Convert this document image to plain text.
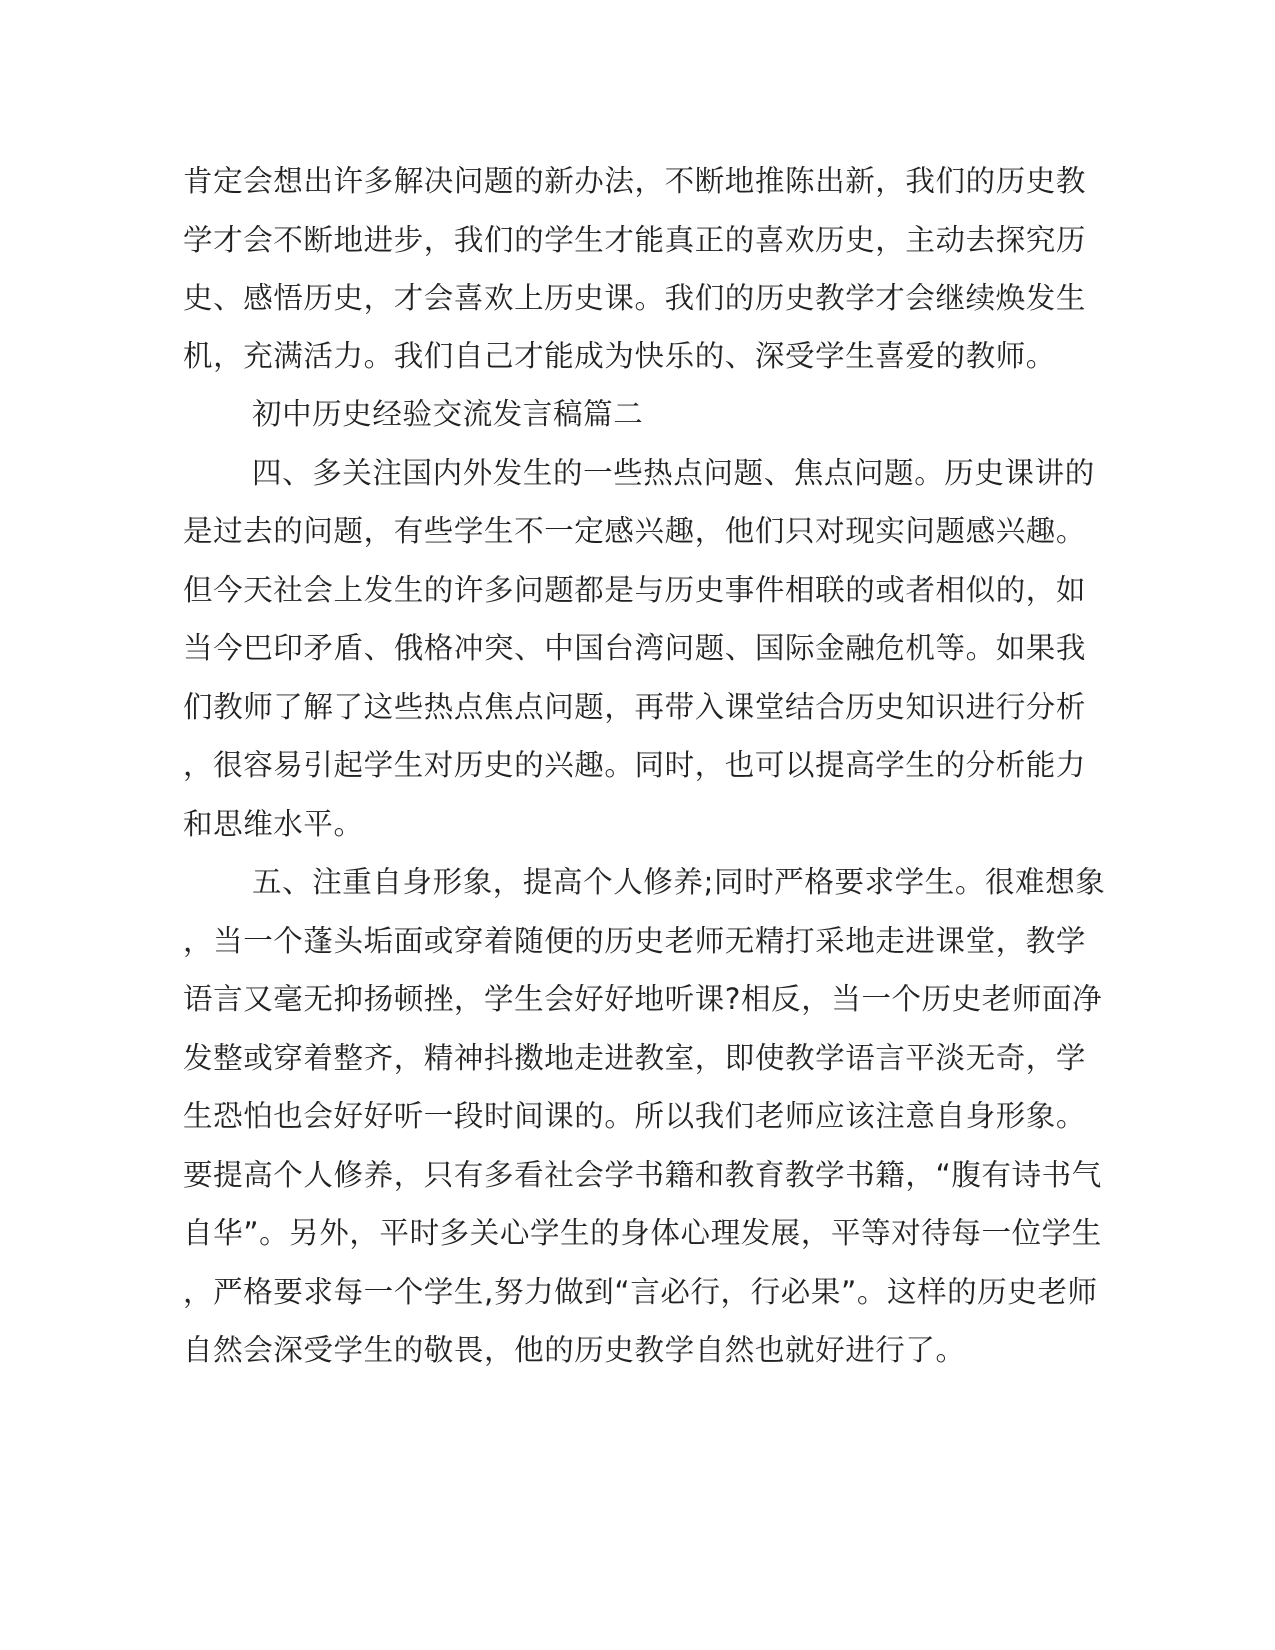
肯定会想出许多解决问题的新办法，不断地推陈出新，我们的历史教
学才会不断地进步，我们的学生才能真正的喜欢历史，主动去探究历
史、感悟历史，才会喜欢上历史课。我们的历史教学才会继续焕发生
机，充满活力。我们自己才能成为快乐的、深受学生喜爱的教师。
初中历史经验交流发言稿篇二
四、多关注国内外发生的一些热点问题、焦点问题。历史课讲的
是过去的问题，有些学生不一定感兴趣，他们只对现实问题感兴趣。
但今天社会上发生的许多问题都是与历史事件相联的或者相似的，如
当今巴印矛盾、俄格冲突、中国台湾问题、国际金融危机等。如果我
们教师了解了这些热点焦点问题，再带入课堂结合历史知识进行分析
，很容易引起学生对历史的兴趣。同时，也可以提高学生的分析能力
和思维水平。
五、注重自身形象，提高个人修养;同时严格要求学生。很难想象
，当一个蓬头垢面或穿着随便的历史老师无精打采地走进课堂，教学
语言又毫无抑扬顿挫，学生会好好地听课?相反，当一个历史老师面净
发整或穿着整齐，精神抖擞地走进教室，即使教学语言平淡无奇，学
生恐怕也会好好听一段时间课的。所以我们老师应该注意自身形象。
要提高个人修养，只有多看社会学书籍和教育教学书籍，“腹有诗书气
自华”。另外，平时多关心学生的身体心理发展，平等对待每一位学生
，严格要求每一个学生,努力做到“言必行，行必果”。这样的历史老师
自然会深受学生的敬畏，他的历史教学自然也就好进行了。
